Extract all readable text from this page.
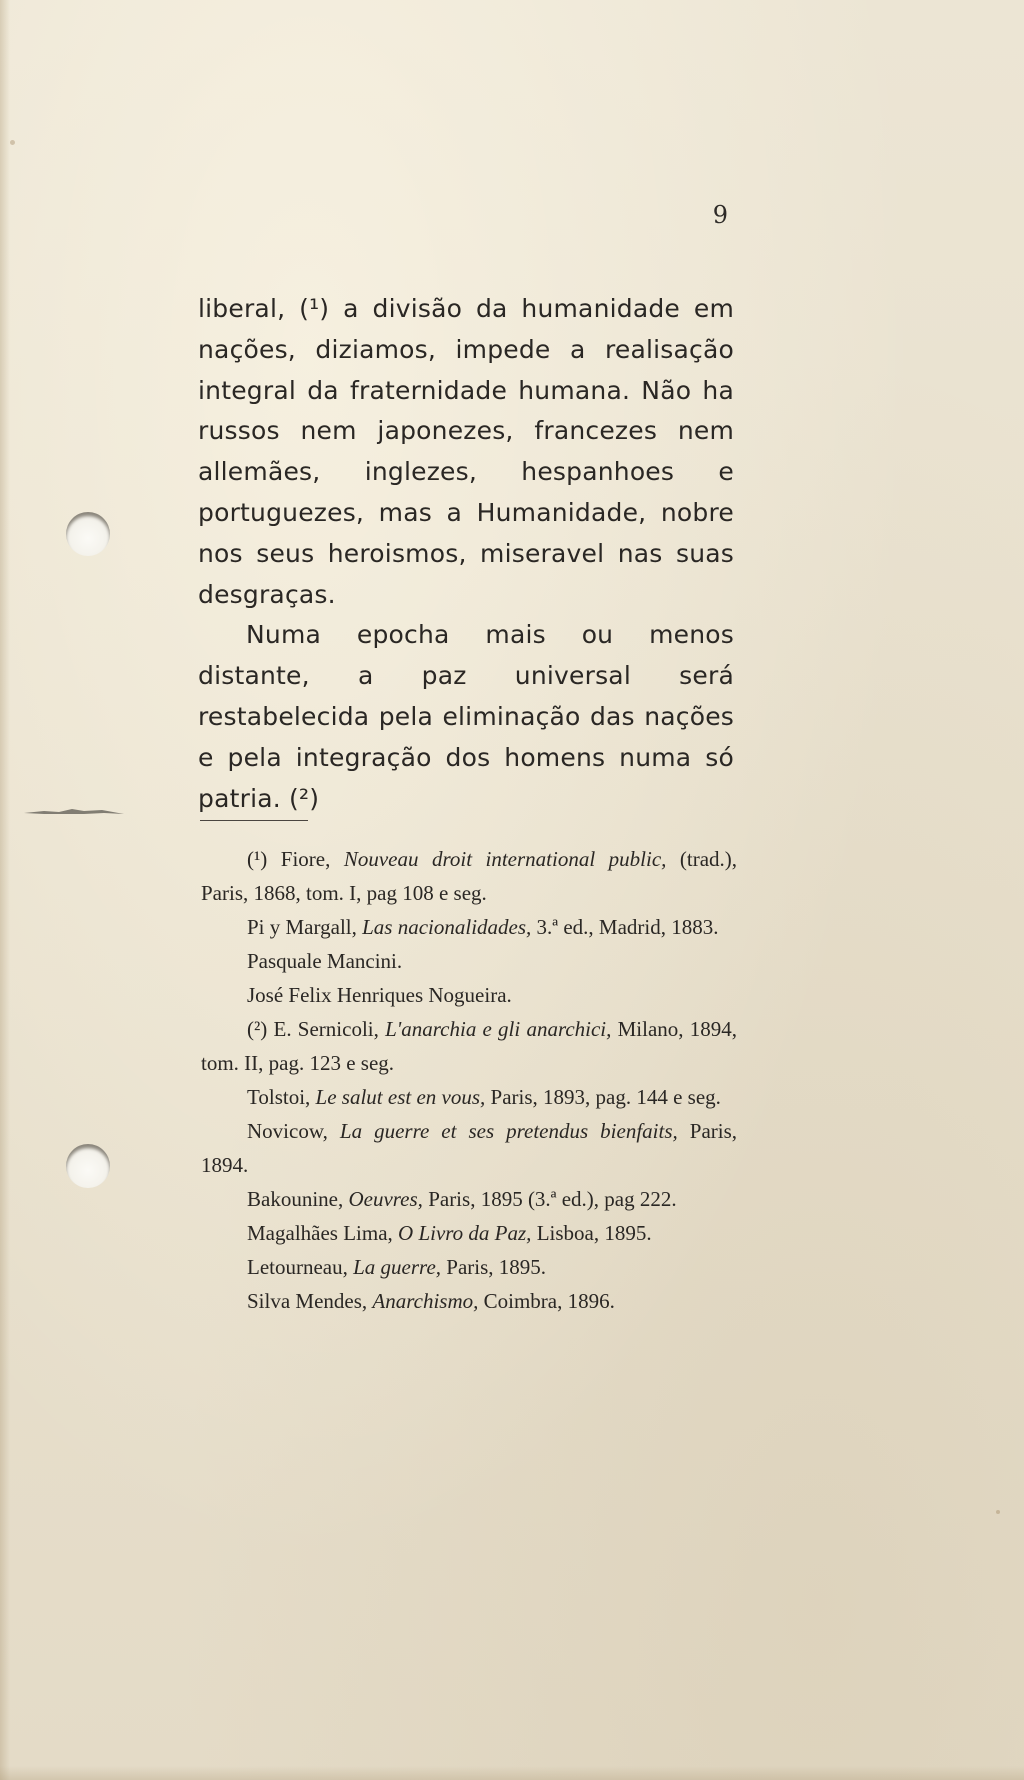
9

liberal, (¹) a divisão da humanidade em nações, diziamos, impede a realisação integral da fraternidade humana. Não ha russos nem japonezes, francezes nem allemães, inglezes, hespanhoes e portuguezes, mas a Humanidade, nobre nos seus heroismos, miseravel nas suas desgraças.

Numa epocha mais ou menos distante, a paz universal será restabelecida pela eliminação das nações e pela integração dos homens numa só patria. (²)

(¹) Fiore, Nouveau droit international public, (trad.), Paris, 1868, tom. I, pag 108 e seg.

Pi y Margall, Las nacionalidades, 3.ª ed., Madrid, 1883.

Pasquale Mancini.

José Felix Henriques Nogueira.

(²) E. Sernicoli, L'anarchia e gli anarchici, Milano, 1894, tom. II, pag. 123 e seg.

Tolstoi, Le salut est en vous, Paris, 1893, pag. 144 e seg.

Novicow, La guerre et ses pretendus bienfaits, Paris, 1894.

Bakounine, Oeuvres, Paris, 1895 (3.ª ed.), pag 222.

Magalhães Lima, O Livro da Paz, Lisboa, 1895.

Letourneau, La guerre, Paris, 1895.

Silva Mendes, Anarchismo, Coimbra, 1896.
